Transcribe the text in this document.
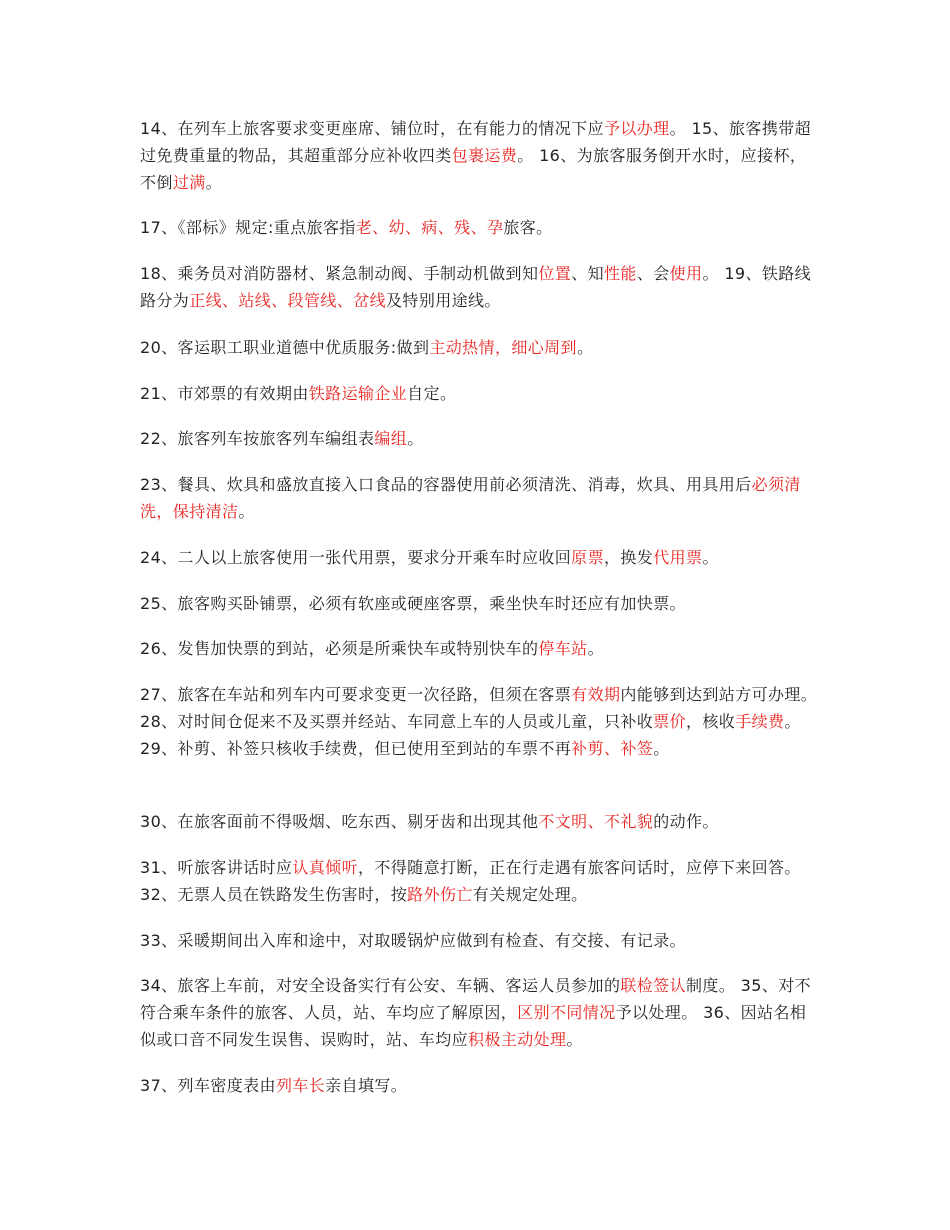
14、在列车上旅客要求变更座席、铺位时，在有能力的情况下应予以办理。 15、旅客携带超过免费重量的物品，其超重部分应补收四类包裹运费。 16、为旅客服务倒开水时，应接杯，不倒过满。

17、《部标》规定:重点旅客指老、幼、病、残、孕旅客。

18、乘务员对消防器材、紧急制动阀、手制动机做到知位置、知性能、会使用。 19、铁路线路分为正线、站线、段管线、岔线及特别用途线。

20、客运职工职业道德中优质服务:做到主动热情，细心周到。

21、市郊票的有效期由铁路运输企业自定。

22、旅客列车按旅客列车编组表编组。

23、餐具、炊具和盛放直接入口食品的容器使用前必须清洗、消毒，炊具、用具用后必须清洗，保持清洁。

24、二人以上旅客使用一张代用票，要求分开乘车时应收回原票，换发代用票。

25、旅客购买卧铺票，必须有软座或硬座客票，乘坐快车时还应有加快票。

26、发售加快票的到站，必须是所乘快车或特别快车的停车站。

27、旅客在车站和列车内可要求变更一次径路，但须在客票有效期内能够到达到站方可办理。 28、对时间仓促来不及买票并经站、车同意上车的人员或儿童，只补收票价，核收手续费。 29、补剪、补签只核收手续费，但已使用至到站的车票不再补剪、补签。

30、在旅客面前不得吸烟、吃东西、剔牙齿和出现其他不文明、不礼貌的动作。

31、听旅客讲话时应认真倾听，不得随意打断，正在行走遇有旅客问话时，应停下来回答。 32、无票人员在铁路发生伤害时，按路外伤亡有关规定处理。

33、采暖期间出入库和途中，对取暖锅炉应做到有检查、有交接、有记录。

34、旅客上车前，对安全设备实行有公安、车辆、客运人员参加的联检签认制度。 35、对不符合乘车条件的旅客、人员，站、车均应了解原因，区别不同情况予以处理。 36、因站名相似或口音不同发生误售、误购时，站、车均应积极主动处理。

37、列车密度表由列车长亲自填写。
